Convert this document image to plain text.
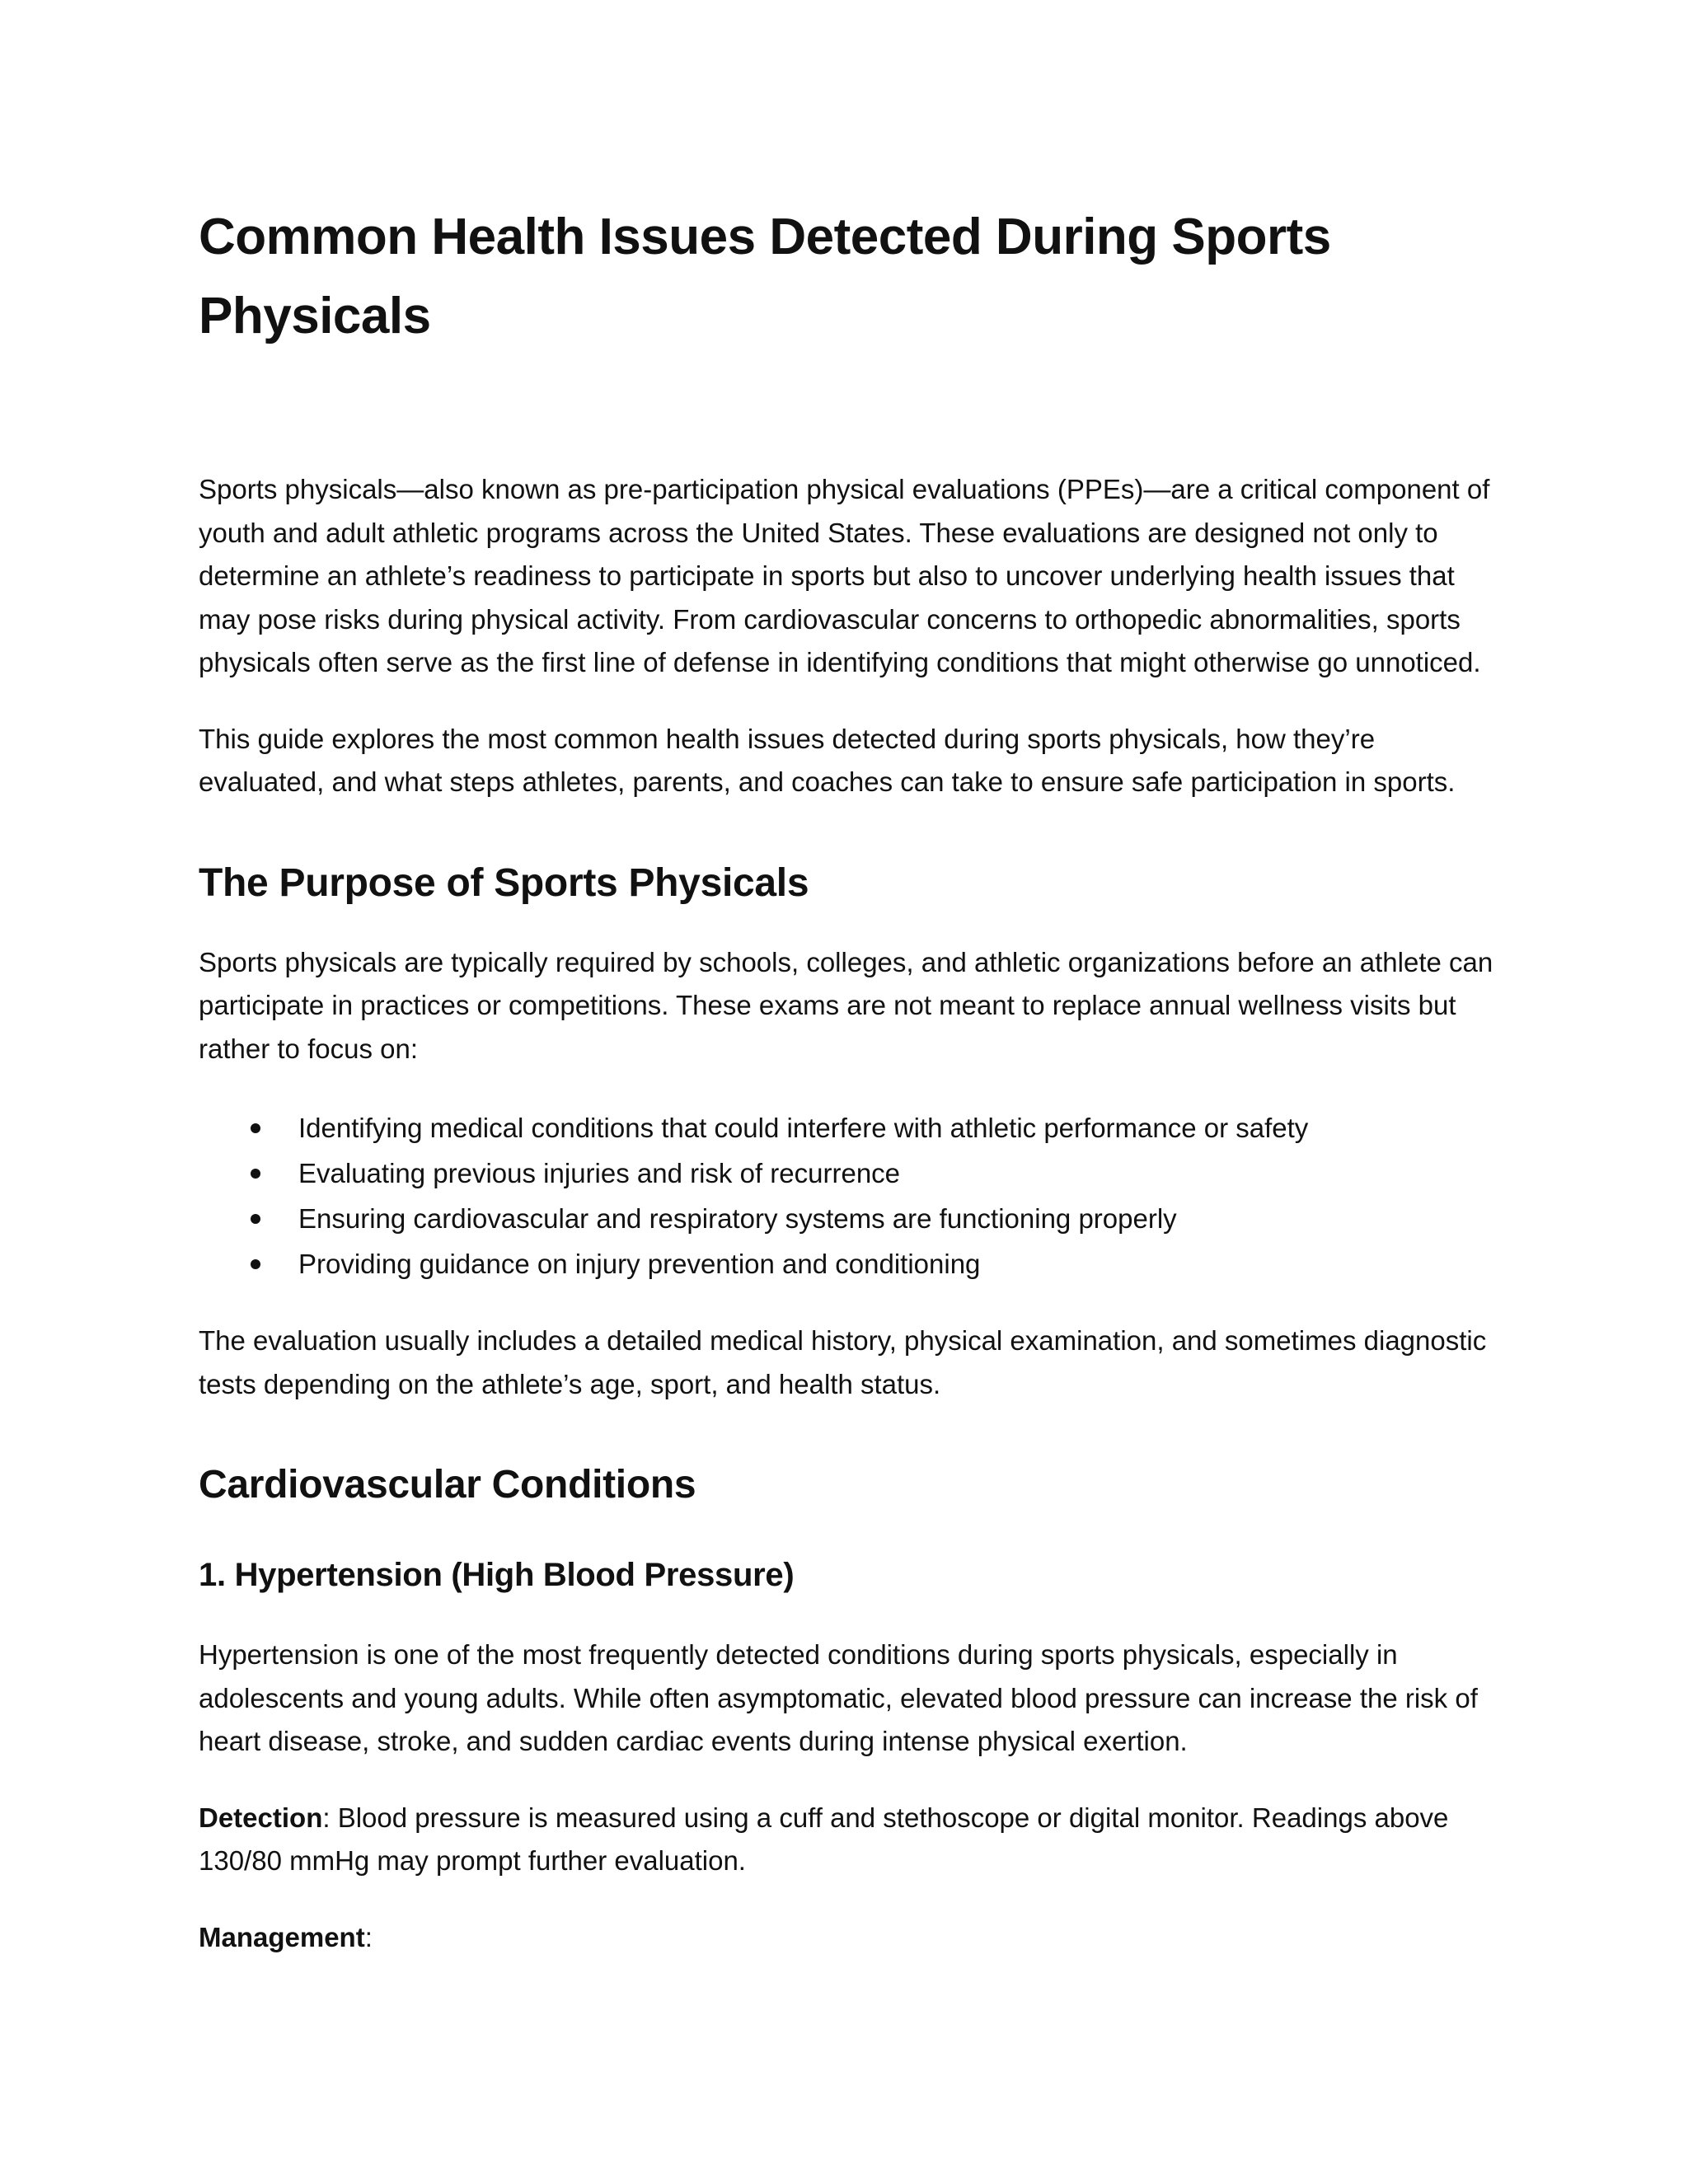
Common Health Issues Detected During Sports Physicals

Sports physicals—also known as pre-participation physical evaluations (PPEs)—are a critical component of youth and adult athletic programs across the United States. These evaluations are designed not only to determine an athlete’s readiness to participate in sports but also to uncover underlying health issues that may pose risks during physical activity. From cardiovascular concerns to orthopedic abnormalities, sports physicals often serve as the first line of defense in identifying conditions that might otherwise go unnoticed.

This guide explores the most common health issues detected during sports physicals, how they’re evaluated, and what steps athletes, parents, and coaches can take to ensure safe participation in sports.

The Purpose of Sports Physicals

Sports physicals are typically required by schools, colleges, and athletic organizations before an athlete can participate in practices or competitions. These exams are not meant to replace annual wellness visits but rather to focus on:

Identifying medical conditions that could interfere with athletic performance or safety
Evaluating previous injuries and risk of recurrence
Ensuring cardiovascular and respiratory systems are functioning properly
Providing guidance on injury prevention and conditioning

The evaluation usually includes a detailed medical history, physical examination, and sometimes diagnostic tests depending on the athlete’s age, sport, and health status.

Cardiovascular Conditions
1. Hypertension (High Blood Pressure)

Hypertension is one of the most frequently detected conditions during sports physicals, especially in adolescents and young adults. While often asymptomatic, elevated blood pressure can increase the risk of heart disease, stroke, and sudden cardiac events during intense physical exertion.

Detection: Blood pressure is measured using a cuff and stethoscope or digital monitor. Readings above 130/80 mmHg may prompt further evaluation.

Management:
